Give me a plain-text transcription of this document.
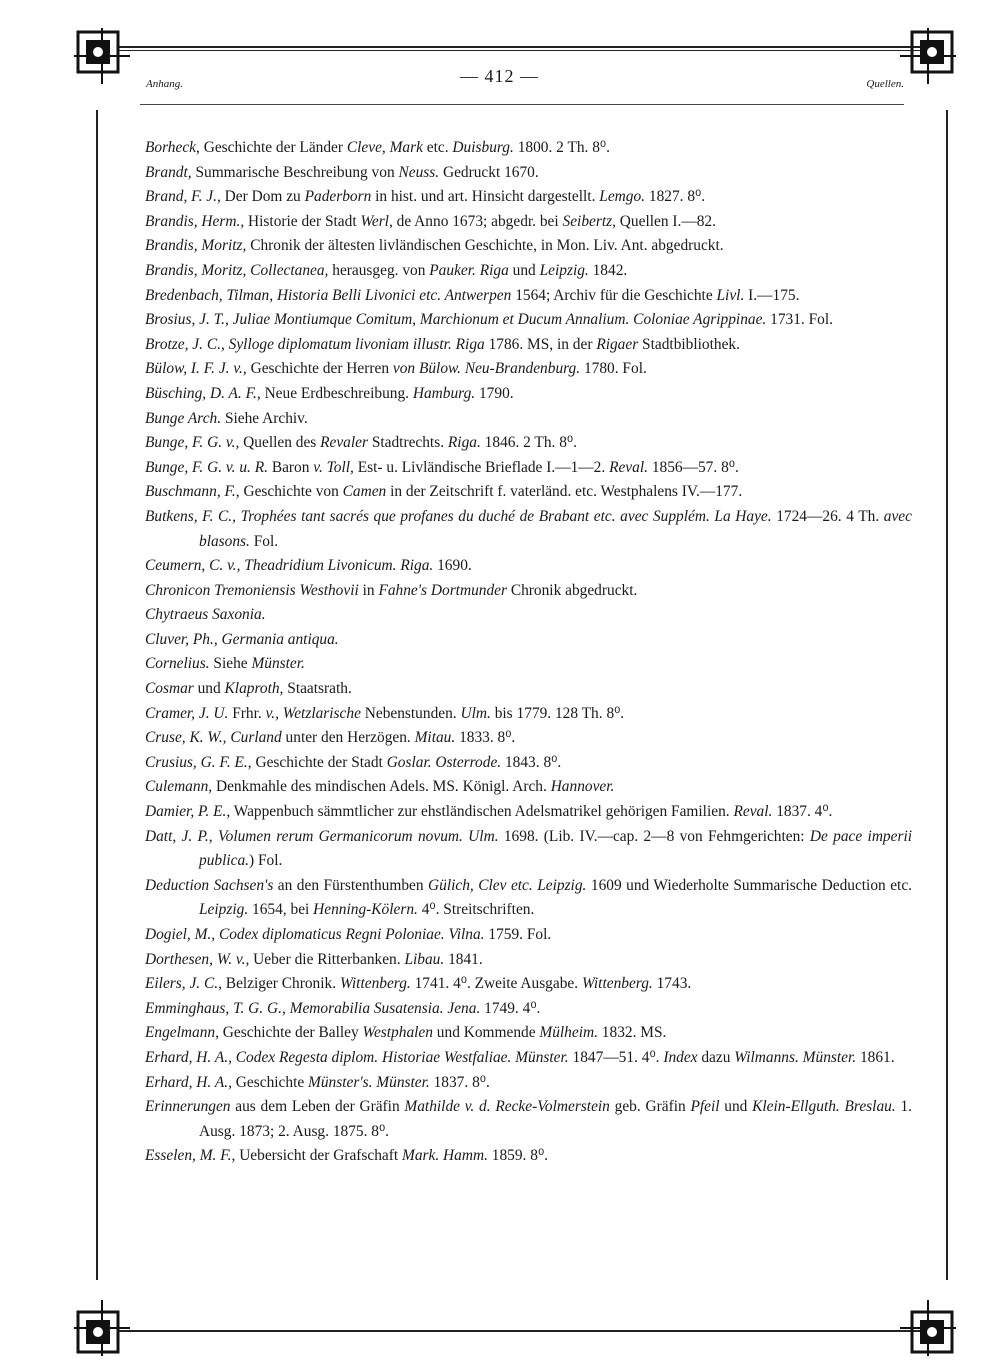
Anhang.	— 412 —	Quellen.
Borheck, Geschichte der Länder Cleve, Mark etc. Duisburg. 1800. 2 Th. 8⁰.
Brandt, Summarische Beschreibung von Neuss. Gedruckt 1670.
Brand, F. J., Der Dom zu Paderborn in hist. und art. Hinsicht dargestellt. Lemgo. 1827. 8⁰.
Brandis, Herm., Historie der Stadt Werl, de Anno 1673; abgedr. bei Seibertz, Quellen I.—82.
Brandis, Moritz, Chronik der ältesten livländischen Geschichte, in Mon. Liv. Ant. abgedruckt.
Brandis, Moritz, Collectanea, herausgeg. von Pauker. Riga und Leipzig. 1842.
Bredenbach, Tilman, Historia Belli Livonici etc. Antwerpen 1564; Archiv für die Geschichte Livl. I.—175.
Brosius, J. T., Juliae Montiumque Comitum, Marchionum et Ducum Annalium. Coloniae Agrippinae. 1731. Fol.
Brotze, J. C., Sylloge diplomatum livoniam illustr. Riga 1786. MS, in der Rigaer Stadtbibliothek.
Bülow, I. F. J. v., Geschichte der Herren von Bülow. Neu-Brandenburg. 1780. Fol.
Büsching, D. A. F., Neue Erdbeschreibung. Hamburg. 1790.
Bunge Arch. Siehe Archiv.
Bunge, F. G. v., Quellen des Revaler Stadtrechts. Riga. 1846. 2 Th. 8⁰.
Bunge, F. G. v. u. R. Baron v. Toll, Est- u. Livländische Brieflade I.—1—2. Reval. 1856—57. 8⁰.
Buschmann, F., Geschichte von Camen in der Zeitschrift f. vaterländ. etc. Westphalens IV.—177.
Butkens, F. C., Trophées tant sacrés que profanes du duché de Brabant etc. avec Supplém. La Haye. 1724—26. 4 Th. avec blasons. Fol.
Ceumern, C. v., Theadridium Livonicum. Riga. 1690.
Chronicon Tremoniensis Westhovii in Fahne's Dortmunder Chronik abgedruckt.
Chytraeus Saxonia.
Cluver, Ph., Germania antiqua.
Cornelius. Siehe Münster.
Cosmar und Klaproth, Staatsrath.
Cramer, J. U. Frhr. v., Wetzlarische Nebenstunden. Ulm. bis 1779. 128 Th. 8⁰.
Cruse, K. W., Curland unter den Herzögen. Mitau. 1833. 8⁰.
Crusius, G. F. E., Geschichte der Stadt Goslar. Osterrode. 1843. 8⁰.
Culemann, Denkmahle des mindischen Adels. MS. Königl. Arch. Hannover.
Damier, P. E., Wappenbuch sämmtlicher zur ehstländischen Adelsmatrikel gehörigen Familien. Reval. 1837. 4⁰.
Datt, J. P., Volumen rerum Germanicorum novum. Ulm. 1698. (Lib. IV.—cap. 2—8 von Fehmgerichten: De pace imperii publica.) Fol.
Deduction Sachsen's an den Fürstenthumben Gülich, Clev etc. Leipzig. 1609 und Wiederholte Summarische Deduction etc. Leipzig. 1654, bei Henning-Kölern. 4⁰. Streitschriften.
Dogiel, M., Codex diplomaticus Regni Poloniae. Vilna. 1759. Fol.
Dorthesen, W. v., Ueber die Ritterbanken. Libau. 1841.
Eilers, J. C., Belziger Chronik. Wittenberg. 1741. 4⁰. Zweite Ausgabe. Wittenberg. 1743.
Emminghaus, T. G. G., Memorabilia Susatensia. Jena. 1749. 4⁰.
Engelmann, Geschichte der Balley Westphalen und Kommende Mülheim. 1832. MS.
Erhard, H. A., Codex Regesta diplom. Historiae Westfaliae. Münster. 1847—51. 4⁰. Index dazu Wilmanns. Münster. 1861.
Erhard, H. A., Geschichte Münster's. Münster. 1837. 8⁰.
Erinnerungen aus dem Leben der Gräfin Mathilde v. d. Recke-Volmerstein geb. Gräfin Pfeil und Klein-Ellguth. Breslau. 1. Ausg. 1873; 2. Ausg. 1875. 8⁰.
Esselen, M. F., Uebersicht der Grafschaft Mark. Hamm. 1859. 8⁰.
